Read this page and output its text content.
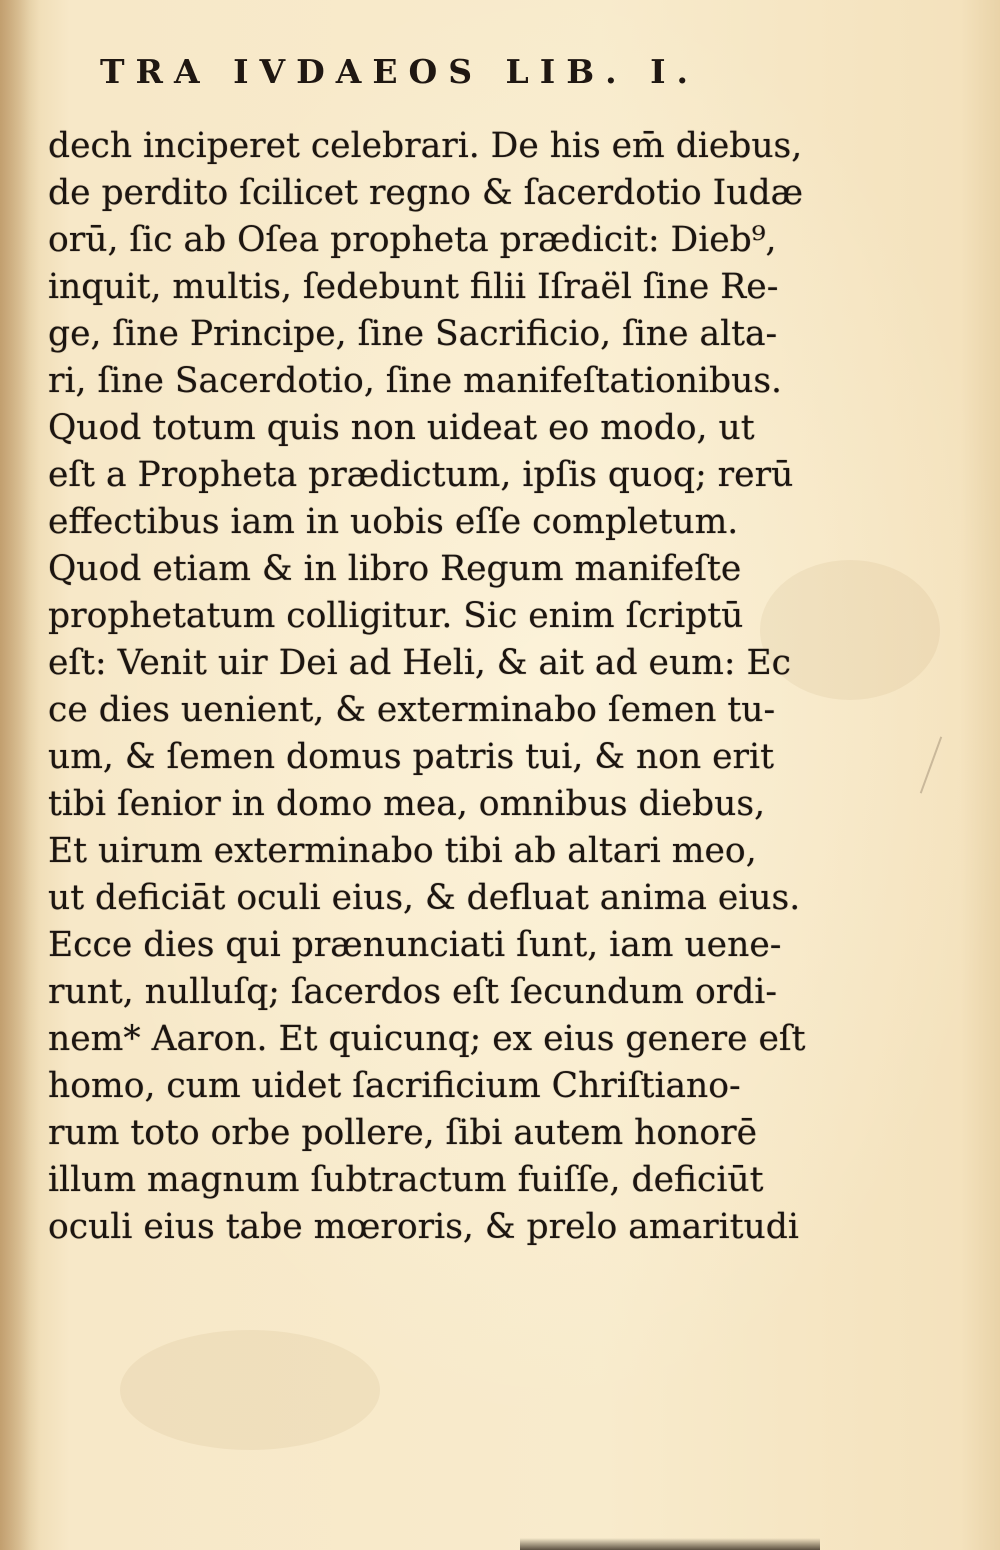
TRA IVDAEOS LIB. I.
dech inciperet celebrari. De his em̄ diebus,
de perdito ſcilicet regno & ſacerdotio Iudæ
orū, ſic ab Oſea propheta prædicit: Dieb⁹,
inquit, multis, ſedebunt filii Iſraël ſine Re-
ge, ſine Principe, ſine Sacrificio, ſine alta-
ri, ſine Sacerdotio, ſine manifeſtationibus.
Quod totum quis non uideat eo modo, ut
eſt a Propheta prædictum, ipſis quoq; rerū
effectibus iam in uobis eſſe completum.
Quod etiam & in libro Regum manifeſte
prophetatum colligitur. Sic enim ſcriptū
eſt: Venit uir Dei ad Heli, & ait ad eum: Ec
ce dies uenient, & exterminabo ſemen tu-
um, & ſemen domus patris tui, & non erit
tibi ſenior in domo mea, omnibus diebus,
Et uirum exterminabo tibi ab altari meo,
ut deficiāt oculi eius, & defluat anima eius.
Ecce dies qui prænunciati ſunt, iam uene-
runt, nulluſq; ſacerdos eſt ſecundum ordi-
nem* Aaron. Et quicunq; ex eius genere eſt
homo, cum uidet ſacrificium Chriſtiano-
rum toto orbe pollere, ſibi autem honorē
illum magnum ſubtractum fuiſſe, deficiūt
oculi eius tabe mœroris, & prelo amaritudi
